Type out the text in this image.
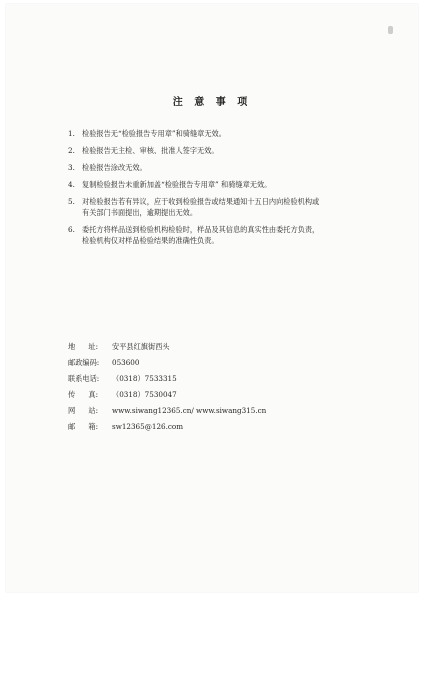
注 意 事 项
1. 检验报告无“检验报告专用章”和骑缝章无效。
2. 检验报告无主检、审核、批准人签字无效。
3. 检验报告涂改无效。
4. 复制检验报告未重新加盖“检验报告专用章” 和骑缝章无效。
5. 对检验报告若有异议，应于收到检验报告或结果通知十五日内向检验机构或
有关部门书面提出，逾期提出无效。
6. 委托方将样品送到检验机构检验时，样品及其信息的真实性由委托方负责，
检验机构仅对样品检验结果的准确性负责。
地 址: 安平县红旗街西头
邮政编码:	053600
联系电话:	（0318）7533315
传 真: （0318）7530047
网 站: www.siwang12365.cn/ www.siwang315.cn
邮 箱: sw12365@126.com
